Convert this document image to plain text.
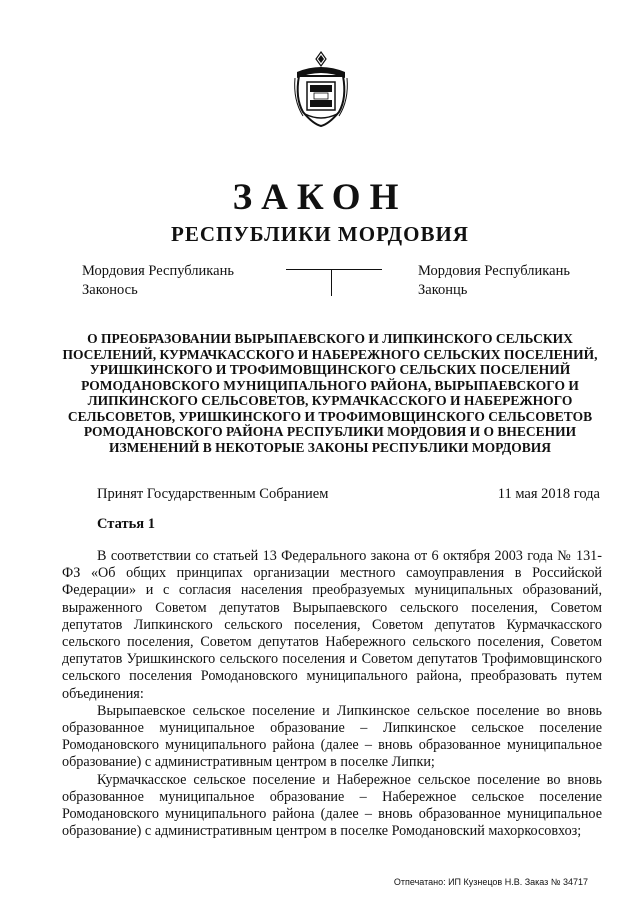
ЗАКОН
РЕСПУБЛИКИ МОРДОВИЯ
Мордовия Республикань
Законось
Мордовия Республикань
Законць
О ПРЕОБРАЗОВАНИИ ВЫРЫПАЕВСКОГО И ЛИПКИНСКОГО СЕЛЬСКИХ
ПОСЕЛЕНИЙ, КУРМАЧКАССКОГО И НАБЕРЕЖНОГО СЕЛЬСКИХ ПОСЕЛЕНИЙ,
УРИШКИНСКОГО И ТРОФИМОВЩИНСКОГО СЕЛЬСКИХ ПОСЕЛЕНИЙ
РОМОДАНОВСКОГО МУНИЦИПАЛЬНОГО РАЙОНА, ВЫРЫПАЕВСКОГО И
ЛИПКИНСКОГО СЕЛЬСОВЕТОВ, КУРМАЧКАССКОГО И НАБЕРЕЖНОГО
СЕЛЬСОВЕТОВ, УРИШКИНСКОГО И ТРОФИМОВЩИНСКОГО СЕЛЬСОВЕТОВ
РОМОДАНОВСКОГО РАЙОНА РЕСПУБЛИКИ МОРДОВИЯ И О ВНЕСЕНИИ
ИЗМЕНЕНИЙ В НЕКОТОРЫЕ ЗАКОНЫ РЕСПУБЛИКИ МОРДОВИЯ
Принят Государственным Собранием	11 мая 2018 года
Статья 1

В соответствии со статьей 13 Федерального закона от 6 октября 2003 года № 131-ФЗ «Об общих принципах организации местного самоуправления в Российской Федерации» и с согласия населения преобразуемых муниципальных образований, выраженного Советом депутатов Вырыпаевского сельского поселения, Советом депутатов Липкинского сельского поселения, Советом депутатов Курмачкасского сельского поселения, Советом депутатов Набережного сельского поселения, Советом депутатов Уришкинского сельского поселения и Советом депутатов Трофимовщинского сельского поселения Ромодановского муниципального района, преобразовать путем объединения:

Вырыпаевское сельское поселение и Липкинское сельское поселение во вновь образованное муниципальное образование – Липкинское сельское поселение Ромодановского муниципального района (далее – вновь образованное муниципальное образование) с административным центром в поселке Липки;

Курмачкасское сельское поселение и Набережное сельское поселение во вновь образованное муниципальное образование – Набережное сельское поселение Ромодановского муниципального района (далее – вновь образованное муниципальное образование) с административным центром в поселке Ромодановский махоркосовхоз;

Отпечатано: ИП Кузнецов Н.В. Заказ № 34717
